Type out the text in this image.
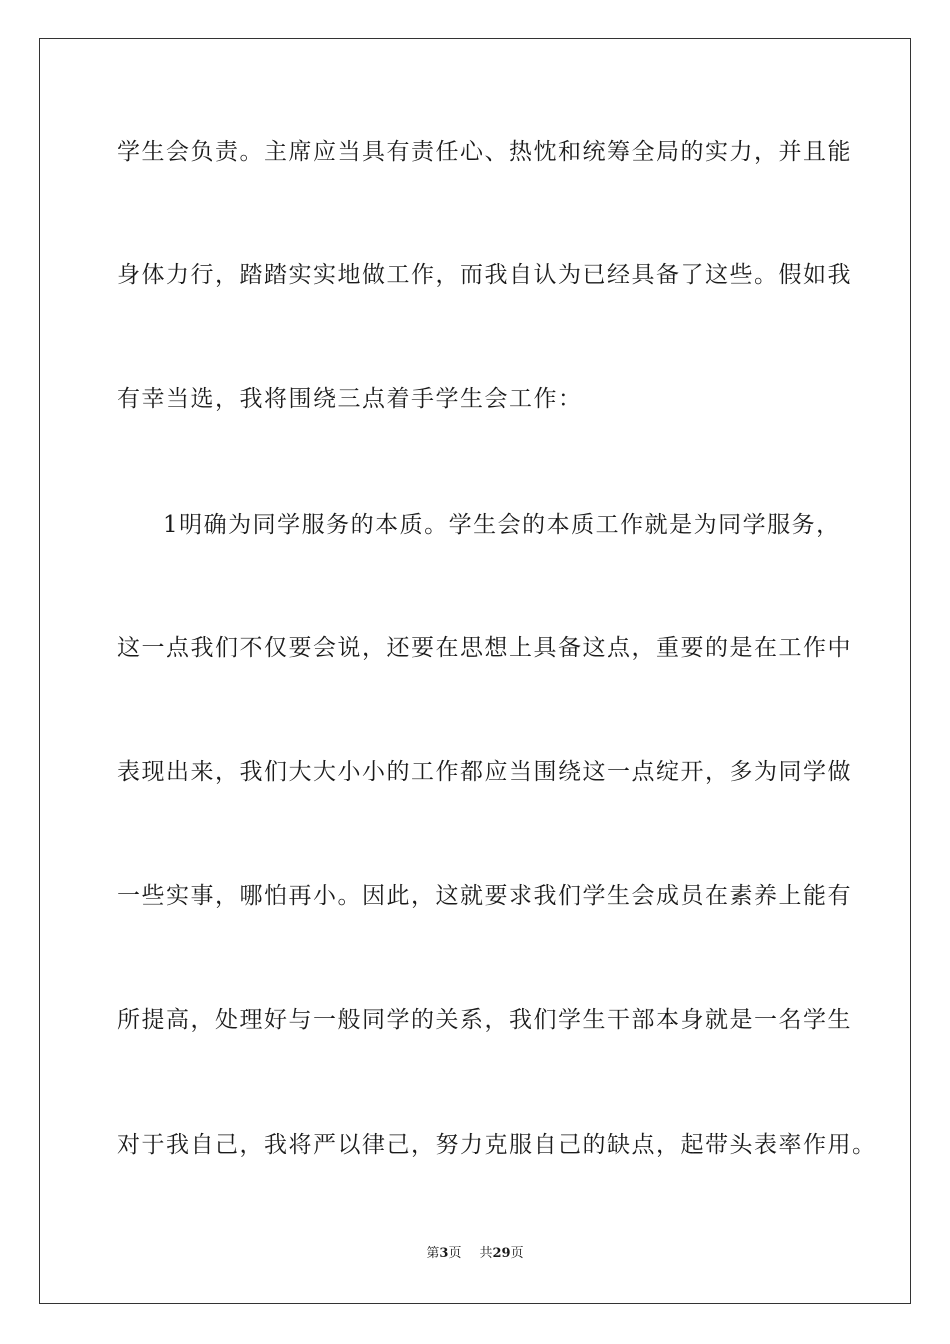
学生会负责。主席应当具有责任心、热忱和统筹全局的实力，并且能
身体力行，踏踏实实地做工作，而我自认为已经具备了这些。假如我
有幸当选，我将围绕三点着手学生会工作：
1明确为同学服务的本质。学生会的本质工作就是为同学服务，
这一点我们不仅要会说，还要在思想上具备这点，重要的是在工作中
表现出来，我们大大小小的工作都应当围绕这一点绽开，多为同学做
一些实事，哪怕再小。因此，这就要求我们学生会成员在素养上能有
所提高，处理好与一般同学的关系，我们学生干部本身就是一名学生
对于我自己，我将严以律己，努力克服自己的缺点，起带头表率作用。
第3页 共29页
